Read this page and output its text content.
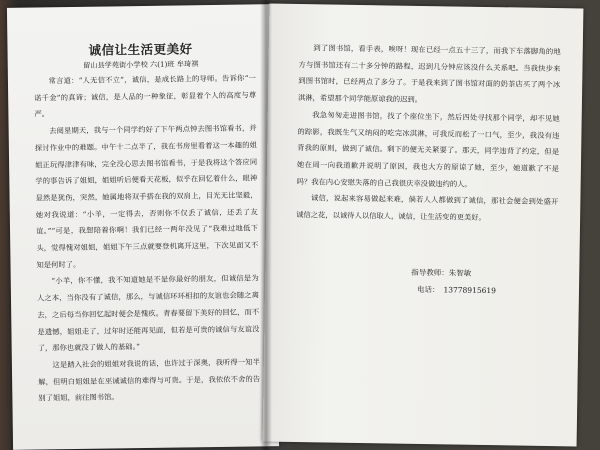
诚信让生活更美好
留山县学苑街小学校 六(1)班 牟琦祺

常言道：“人无信不立”，诚信，是成长路上的导师。告诉你“一诺千金”的真谛；诚信，是人品的一种象征，彰显着个人的高度与尊严。

去阅星期天，我与一个同学约好了下午两点钟去图书馆看书，并探讨作业中的难题。中午十二点半了，我在书房里看着这一本趣的姐姐正玩得津津有味，完全没心思去图书馆看书，于是我将这个答应同学的事告诉了姐姐，姐姐听后便看天花板，似乎在回忆着什么，眼神显然是犹伤，突然，她属地将双手搭在我的双肩上，目光无比坚毅，她对我说道：“小羊，一定得去，否则你不仅丢了诚信，还丢了友谊。”“可是，我想陪着你啊！我们已经一两年没见了”我难过地低下头，觉得愧对姐姐，姐姐下午三点就要登机离开这里，下次见面又不知是何时了。

“小羊，你不懂，我不知道她是不是你最好的朋友，但诚信是为人之本，当你没有了诚信，那么，与诚信环环相扣的友谊也会随之离去，之后每当你回忆起时便会是愧疚。青春要留下美好的回忆，而不是遗憾，姐姐走了，过年时还能再见面，但若是可贵的诚信与友谊没了，那你也就没了做人的基础。”

这是踏入社会的姐姐对我说的话，也许过于深奥，我听得一知半解，但明白姐姐是在巫诫诚信的难得与可贵。于是，我依依不舍的告别了姐姐，前往图书馆。

到了图书馆，看手表，唉呀！现在已经一点五十三了，而我下车落脚角的地方与图书馆还有二十多分钟的路程，迟到几分钟应该没什么关系吧。当我快步来到图书馆时，已经两点了多分了。于是我来到了图书馆对面的奶茶店买了两个冰淇淋，希望那个同学能原谅我的迟到。

我急匆匆走进图书馆，找了个座位坐下，然后四处寻找那个同学，却不见她的踪影，我既生气又纳闷的吃完冰淇淋，可我反而松了一口气，至少，我没有违背我的原则，做到了诚信。剩下的便无关紧要了。那天，同学违背了约定，但是她在周一向我道歉并说明了原因，我也大方的原谅了她，至少，她道歉了不是吗？我在内心安慰失落的自己我很庆幸没做违约的人。

诚信，说起来容易做起来难，倘若人人都做到了诚信，那社会便会到处盛开诚信之花，以诚待人以信取人，诚信，让生活变的更美好。

指导教师：朱智敏
电话： 13778915619
